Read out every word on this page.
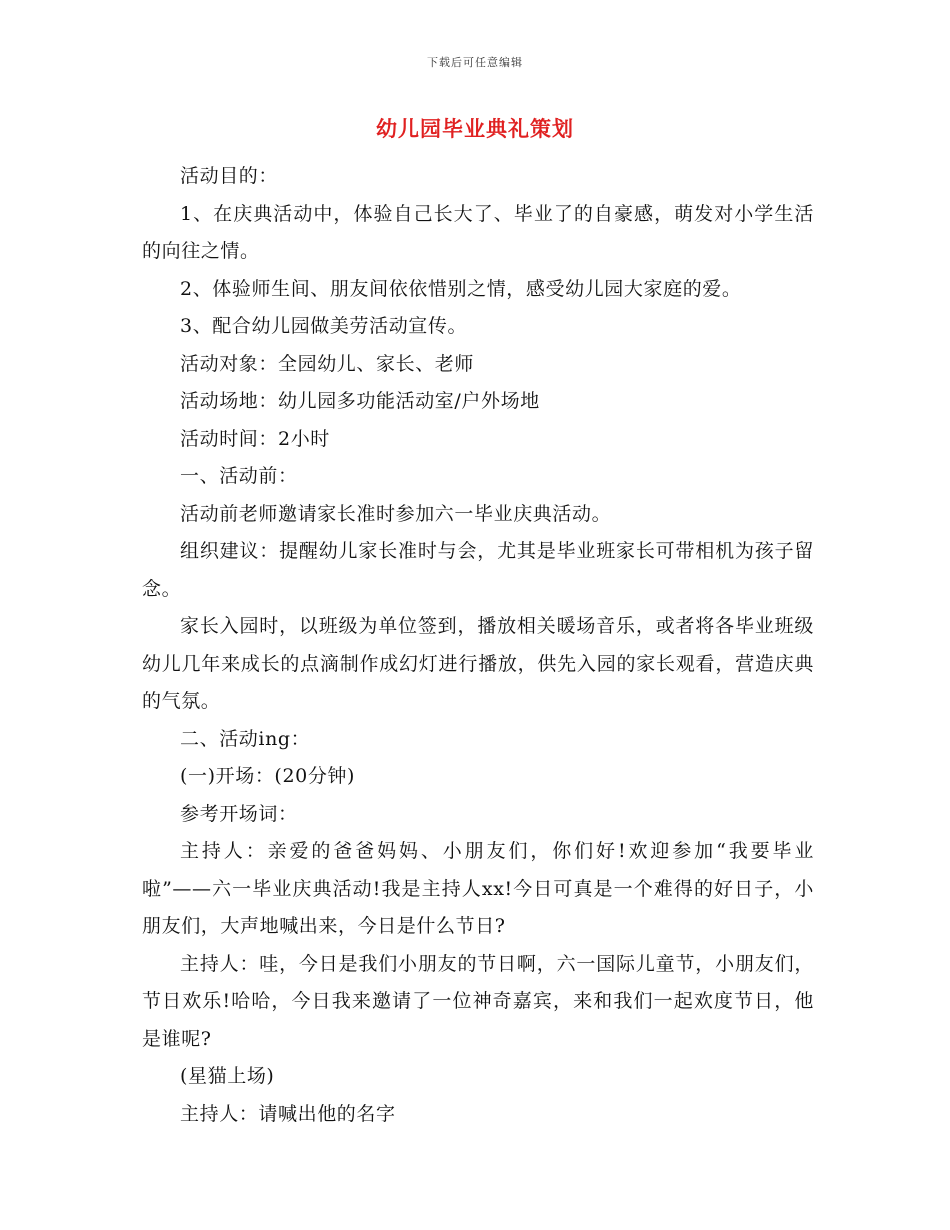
下载后可任意编辑
幼儿园毕业典礼策划

活动目的：

1、在庆典活动中，体验自己长大了、毕业了的自豪感，萌发对小学生活的向往之情。

2、体验师生间、朋友间依依惜别之情，感受幼儿园大家庭的爱。

3、配合幼儿园做美劳活动宣传。

活动对象：全园幼儿、家长、老师

活动场地：幼儿园多功能活动室/户外场地

活动时间：2小时

一、活动前：

活动前老师邀请家长准时参加六一毕业庆典活动。

组织建议：提醒幼儿家长准时与会，尤其是毕业班家长可带相机为孩子留念。

家长入园时，以班级为单位签到，播放相关暖场音乐，或者将各毕业班级幼儿几年来成长的点滴制作成幻灯进行播放，供先入园的家长观看，营造庆典的气氛。

二、活动ing：

(一)开场：(20分钟)

参考开场词：

主持人：亲爱的爸爸妈妈、小朋友们，你们好!欢迎参加“我要毕业啦”——六一毕业庆典活动!我是主持人xx!今日可真是一个难得的好日子，小朋友们，大声地喊出来，今日是什么节日?

主持人：哇，今日是我们小朋友的节日啊，六一国际儿童节，小朋友们，节日欢乐!哈哈，今日我来邀请了一位神奇嘉宾，来和我们一起欢度节日，他是谁呢?

(星猫上场)

主持人：请喊出他的名字
